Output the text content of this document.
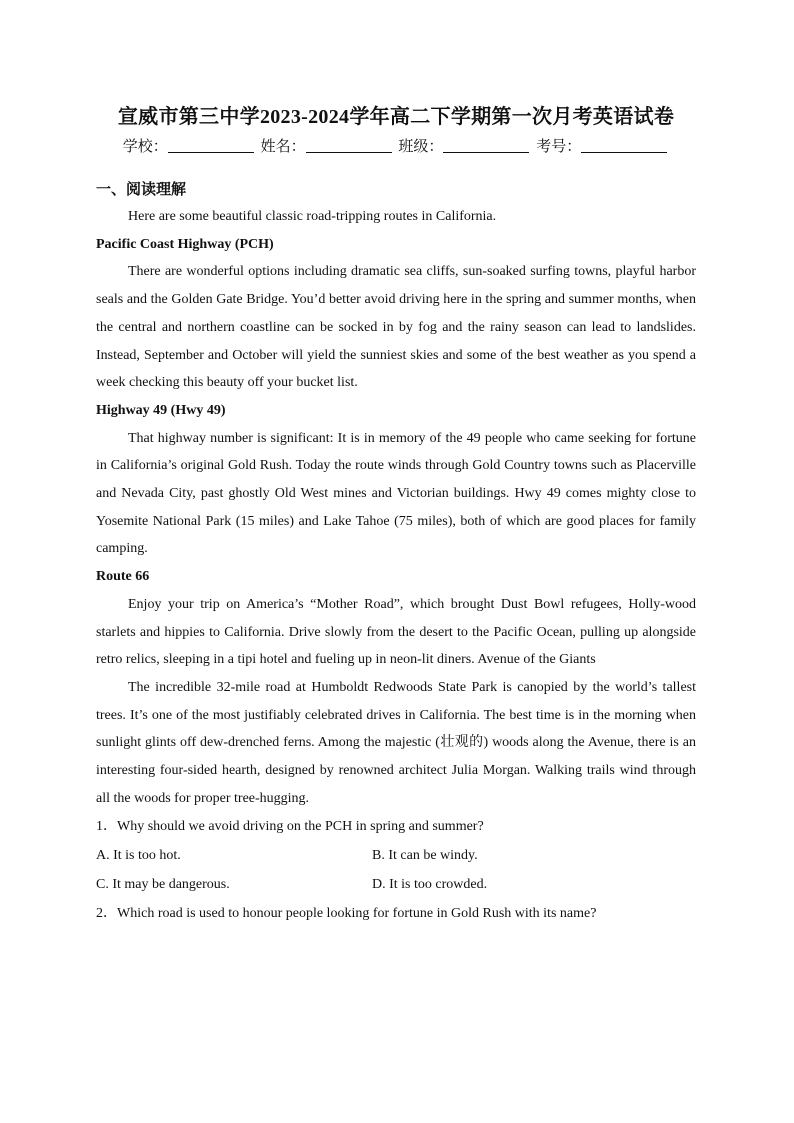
宣威市第三中学2023-2024学年高二下学期第一次月考英语试卷
学校：	姓名：	班级：	考号：
一、阅读理解

Here are some beautiful classic road-tripping routes in California.

Pacific Coast Highway (PCH)

There are wonderful options including dramatic sea cliffs, sun-soaked surfing towns, playful harbor seals and the Golden Gate Bridge. You’d better avoid driving here in the spring and summer months, when the central and northern coastline can be socked in by fog and the rainy season can lead to landslides. Instead, September and October will yield the sunniest skies and some of the best weather as you spend a week checking this beauty off your bucket list.

Highway 49 (Hwy 49)

That highway number is significant: It is in memory of the 49 people who came seeking for fortune in California’s original Gold Rush. Today the route winds through Gold Country towns such as Placerville and Nevada City, past ghostly Old West mines and Victorian buildings. Hwy 49 comes mighty close to Yosemite National Park (15 miles) and Lake Tahoe (75 miles), both of which are good places for family camping.

Route 66

Enjoy your trip on America’s “Mother Road”, which brought Dust Bowl refugees, Holly-wood starlets and hippies to California. Drive slowly from the desert to the Pacific Ocean, pulling up alongside retro relics, sleeping in a tipi hotel and fueling up in neon-lit diners. Avenue of the Giants

The incredible 32-mile road at Humboldt Redwoods State Park is canopied by the world’s tallest trees. It’s one of the most justifiably celebrated drives in California. The best time is in the morning when sunlight glints off dew-drenched ferns. Among the majestic (壮观的) woods along the Avenue, there is an interesting four-sided hearth, designed by renowned architect Julia Morgan. Walking trails wind through all the woods for proper tree-hugging.

1．Why should we avoid driving on the PCH in spring and summer?
A. It is too hot.	B. It can be windy.
C. It may be dangerous.	D. It is too crowded.
2．Which road is used to honour people looking for fortune in Gold Rush with its name?
